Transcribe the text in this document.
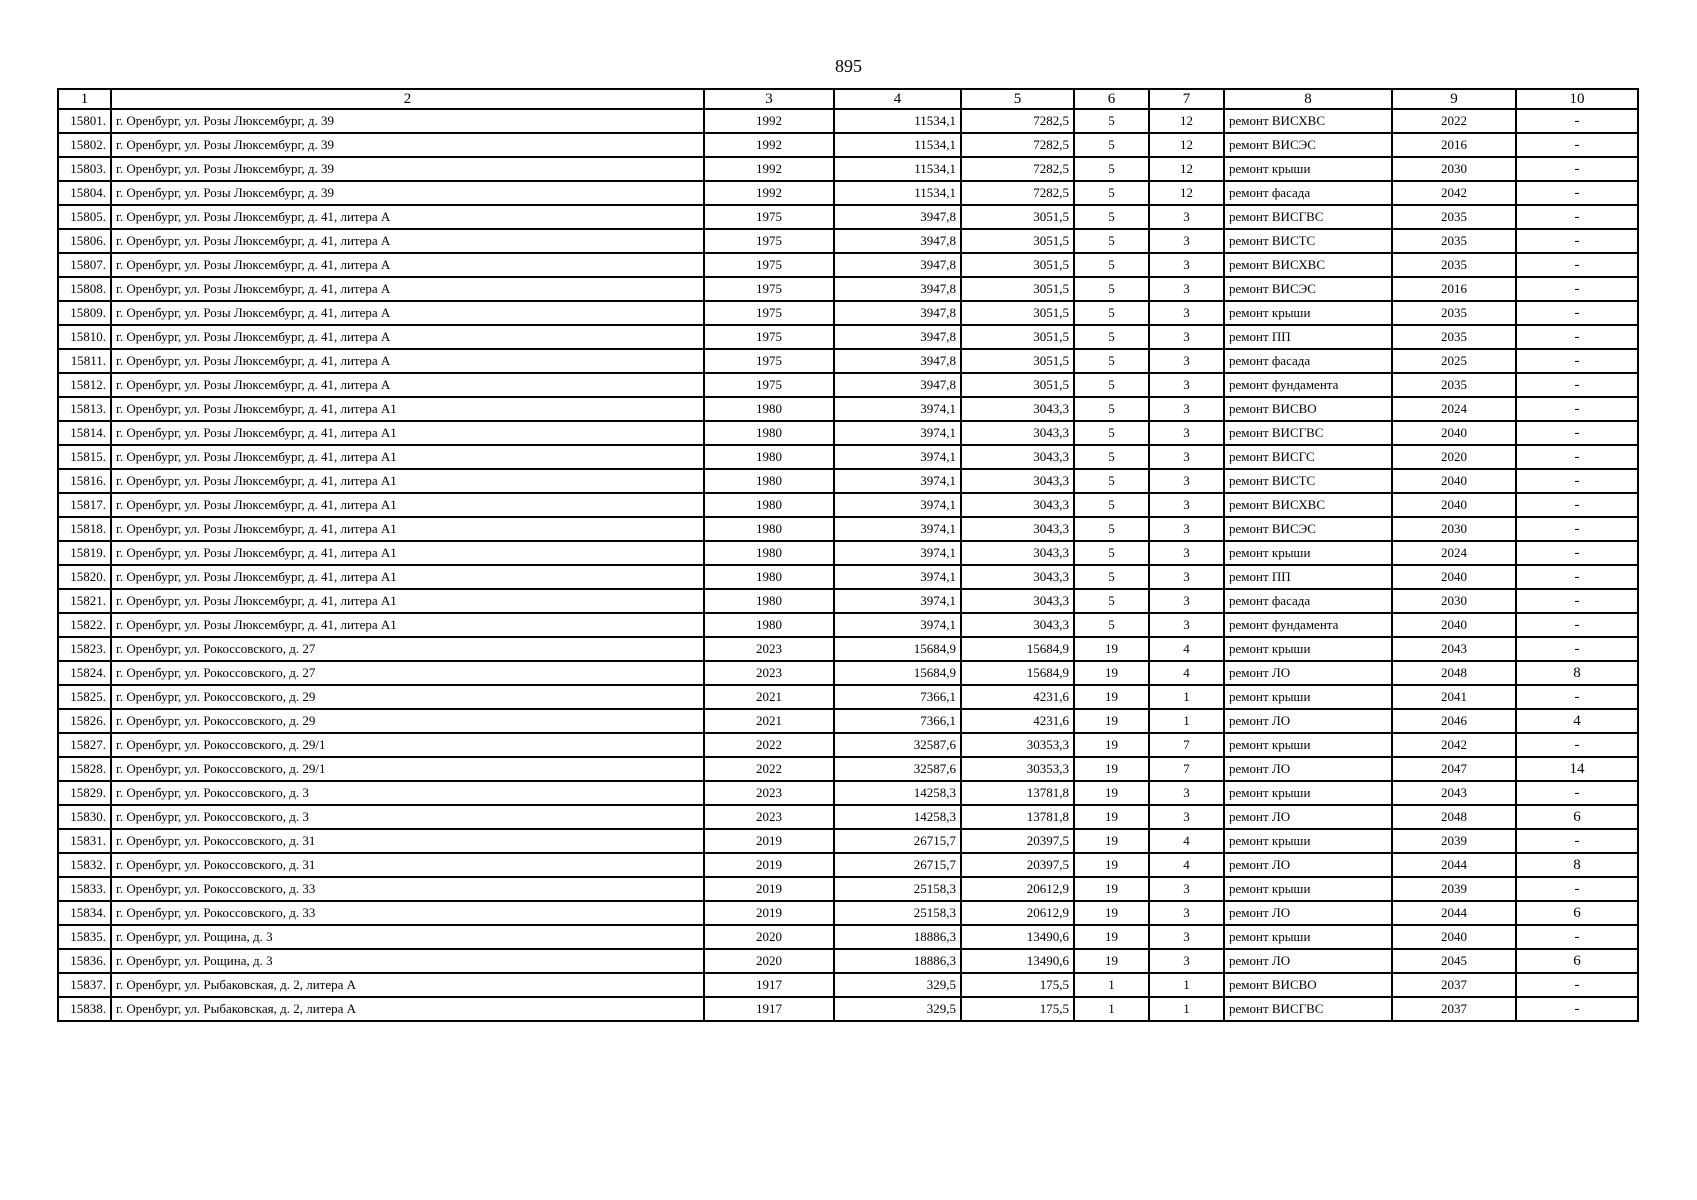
895
1	2	3	4	5	6	7	8	9	10
15801.	г. Оренбург, ул. Розы Люксембург, д. 39	1992	11534,1	7282,5	5	12	ремонт ВИСХВС	2022	-
15802.	г. Оренбург, ул. Розы Люксембург, д. 39	1992	11534,1	7282,5	5	12	ремонт ВИСЭС	2016	-
15803.	г. Оренбург, ул. Розы Люксембург, д. 39	1992	11534,1	7282,5	5	12	ремонт крыши	2030	-
15804.	г. Оренбург, ул. Розы Люксембург, д. 39	1992	11534,1	7282,5	5	12	ремонт фасада	2042	-
15805.	г. Оренбург, ул. Розы Люксембург, д. 41, литера А	1975	3947,8	3051,5	5	3	ремонт ВИСГВС	2035	-
15806.	г. Оренбург, ул. Розы Люксембург, д. 41, литера А	1975	3947,8	3051,5	5	3	ремонт ВИСТС	2035	-
15807.	г. Оренбург, ул. Розы Люксембург, д. 41, литера А	1975	3947,8	3051,5	5	3	ремонт ВИСХВС	2035	-
15808.	г. Оренбург, ул. Розы Люксембург, д. 41, литера А	1975	3947,8	3051,5	5	3	ремонт ВИСЭС	2016	-
15809.	г. Оренбург, ул. Розы Люксембург, д. 41, литера А	1975	3947,8	3051,5	5	3	ремонт крыши	2035	-
15810.	г. Оренбург, ул. Розы Люксембург, д. 41, литера А	1975	3947,8	3051,5	5	3	ремонт ПП	2035	-
15811.	г. Оренбург, ул. Розы Люксембург, д. 41, литера А	1975	3947,8	3051,5	5	3	ремонт фасада	2025	-
15812.	г. Оренбург, ул. Розы Люксембург, д. 41, литера А	1975	3947,8	3051,5	5	3	ремонт фундамента	2035	-
15813.	г. Оренбург, ул. Розы Люксембург, д. 41, литера А1	1980	3974,1	3043,3	5	3	ремонт ВИСВО	2024	-
15814.	г. Оренбург, ул. Розы Люксембург, д. 41, литера А1	1980	3974,1	3043,3	5	3	ремонт ВИСГВС	2040	-
15815.	г. Оренбург, ул. Розы Люксембург, д. 41, литера А1	1980	3974,1	3043,3	5	3	ремонт ВИСГС	2020	-
15816.	г. Оренбург, ул. Розы Люксембург, д. 41, литера А1	1980	3974,1	3043,3	5	3	ремонт ВИСТС	2040	-
15817.	г. Оренбург, ул. Розы Люксембург, д. 41, литера А1	1980	3974,1	3043,3	5	3	ремонт ВИСХВС	2040	-
15818.	г. Оренбург, ул. Розы Люксембург, д. 41, литера А1	1980	3974,1	3043,3	5	3	ремонт ВИСЭС	2030	-
15819.	г. Оренбург, ул. Розы Люксембург, д. 41, литера А1	1980	3974,1	3043,3	5	3	ремонт крыши	2024	-
15820.	г. Оренбург, ул. Розы Люксембург, д. 41, литера А1	1980	3974,1	3043,3	5	3	ремонт ПП	2040	-
15821.	г. Оренбург, ул. Розы Люксембург, д. 41, литера А1	1980	3974,1	3043,3	5	3	ремонт фасада	2030	-
15822.	г. Оренбург, ул. Розы Люксембург, д. 41, литера А1	1980	3974,1	3043,3	5	3	ремонт фундамента	2040	-
15823.	г. Оренбург, ул. Рокоссовского, д. 27	2023	15684,9	15684,9	19	4	ремонт крыши	2043	-
15824.	г. Оренбург, ул. Рокоссовского, д. 27	2023	15684,9	15684,9	19	4	ремонт ЛО	2048	8
15825.	г. Оренбург, ул. Рокоссовского, д. 29	2021	7366,1	4231,6	19	1	ремонт крыши	2041	-
15826.	г. Оренбург, ул. Рокоссовского, д. 29	2021	7366,1	4231,6	19	1	ремонт ЛО	2046	4
15827.	г. Оренбург, ул. Рокоссовского, д. 29/1	2022	32587,6	30353,3	19	7	ремонт крыши	2042	-
15828.	г. Оренбург, ул. Рокоссовского, д. 29/1	2022	32587,6	30353,3	19	7	ремонт ЛО	2047	14
15829.	г. Оренбург, ул. Рокоссовского, д. 3	2023	14258,3	13781,8	19	3	ремонт крыши	2043	-
15830.	г. Оренбург, ул. Рокоссовского, д. 3	2023	14258,3	13781,8	19	3	ремонт ЛО	2048	6
15831.	г. Оренбург, ул. Рокоссовского, д. 31	2019	26715,7	20397,5	19	4	ремонт крыши	2039	-
15832.	г. Оренбург, ул. Рокоссовского, д. 31	2019	26715,7	20397,5	19	4	ремонт ЛО	2044	8
15833.	г. Оренбург, ул. Рокоссовского, д. 33	2019	25158,3	20612,9	19	3	ремонт крыши	2039	-
15834.	г. Оренбург, ул. Рокоссовского, д. 33	2019	25158,3	20612,9	19	3	ремонт ЛО	2044	6
15835.	г. Оренбург, ул. Рощина, д. 3	2020	18886,3	13490,6	19	3	ремонт крыши	2040	-
15836.	г. Оренбург, ул. Рощина, д. 3	2020	18886,3	13490,6	19	3	ремонт ЛО	2045	6
15837.	г. Оренбург, ул. Рыбаковская, д. 2, литера А	1917	329,5	175,5	1	1	ремонт ВИСВО	2037	-
15838.	г. Оренбург, ул. Рыбаковская, д. 2, литера А	1917	329,5	175,5	1	1	ремонт ВИСГВС	2037	-
